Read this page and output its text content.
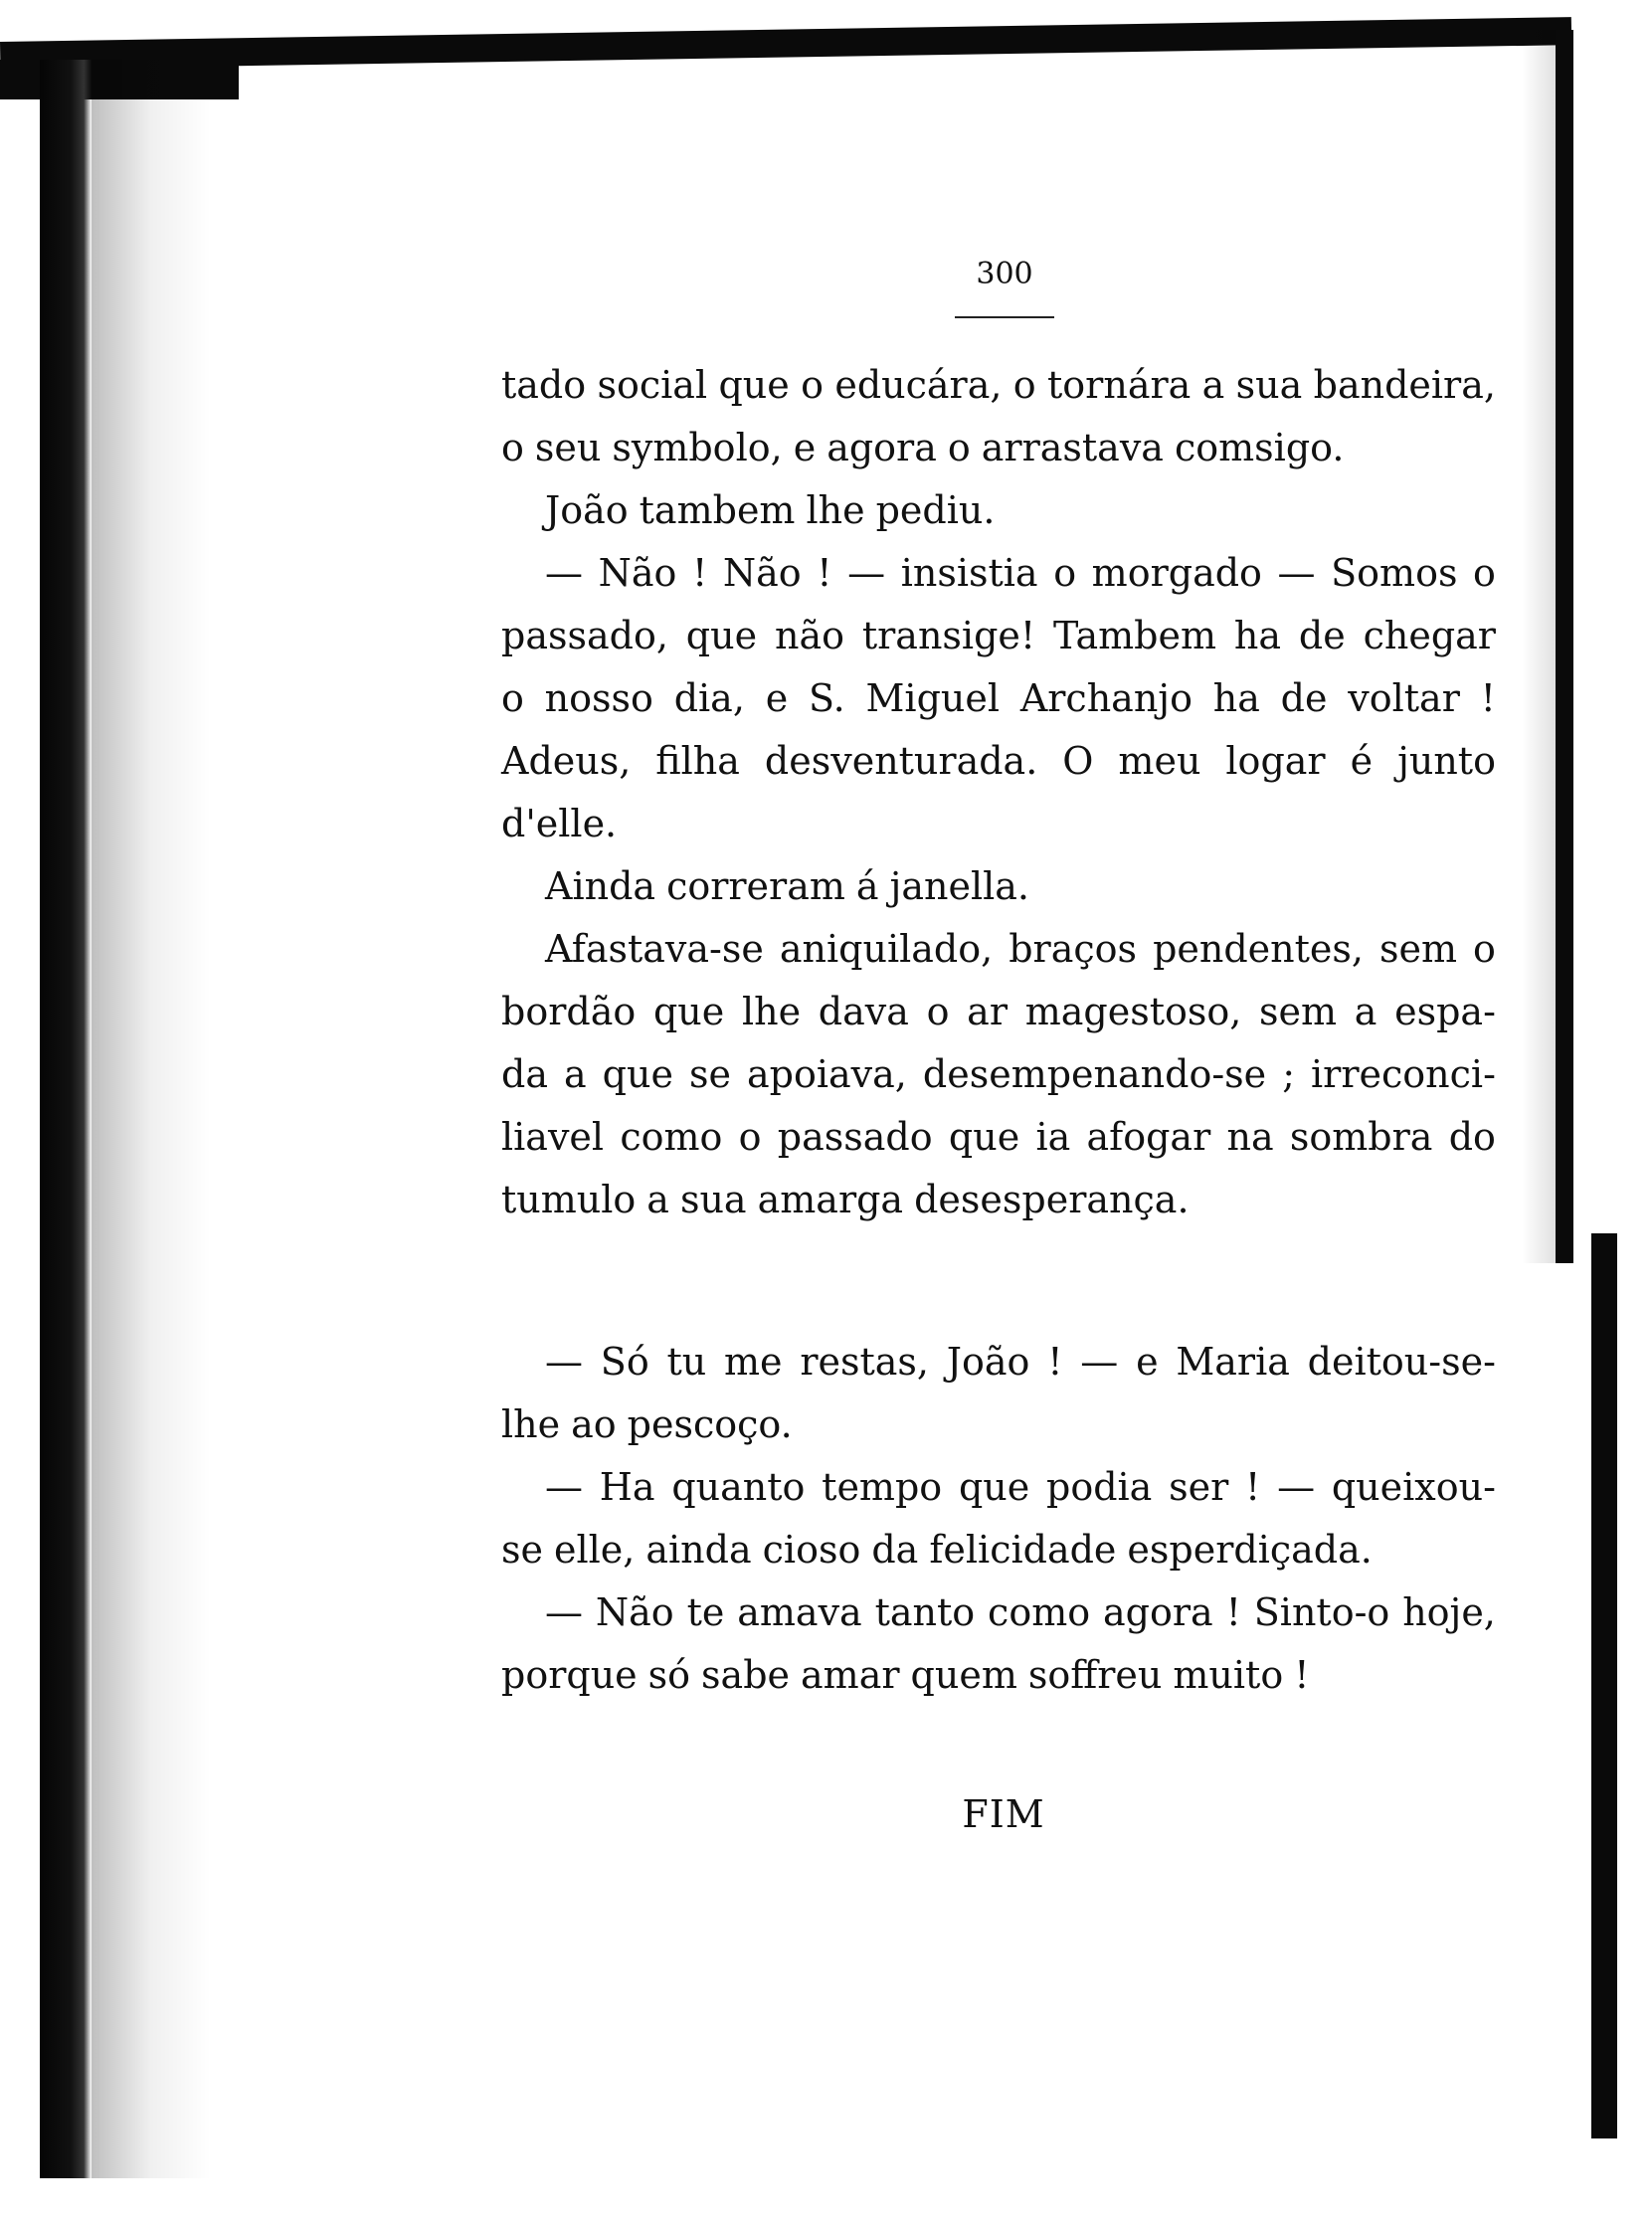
300
tado social que o educára, o tornára a sua bandeira,
o seu symbolo, e agora o arrastava comsigo.
João tambem lhe pediu.
— Não ! Não ! — insistia o morgado — Somos o
passado, que não transige! Tambem ha de chegar
o nosso dia, e S. Miguel Archanjo ha de voltar !
Adeus, filha desventurada. O meu logar é junto
d'elle.
Ainda correram á janella.
Afastava-se aniquilado, braços pendentes, sem o
bordão que lhe dava o ar magestoso, sem a espa-
da a que se apoiava, desempenando-se ; irreconci-
liavel como o passado que ia afogar na sombra do
tumulo a sua amarga desesperança.
— Só tu me restas, João ! — e Maria deitou-se-
lhe ao pescoço.
— Ha quanto tempo que podia ser ! — queixou-
se elle, ainda cioso da felicidade esperdiçada.
— Não te amava tanto como agora ! Sinto-o hoje,
porque só sabe amar quem soffreu muito !
FIM
